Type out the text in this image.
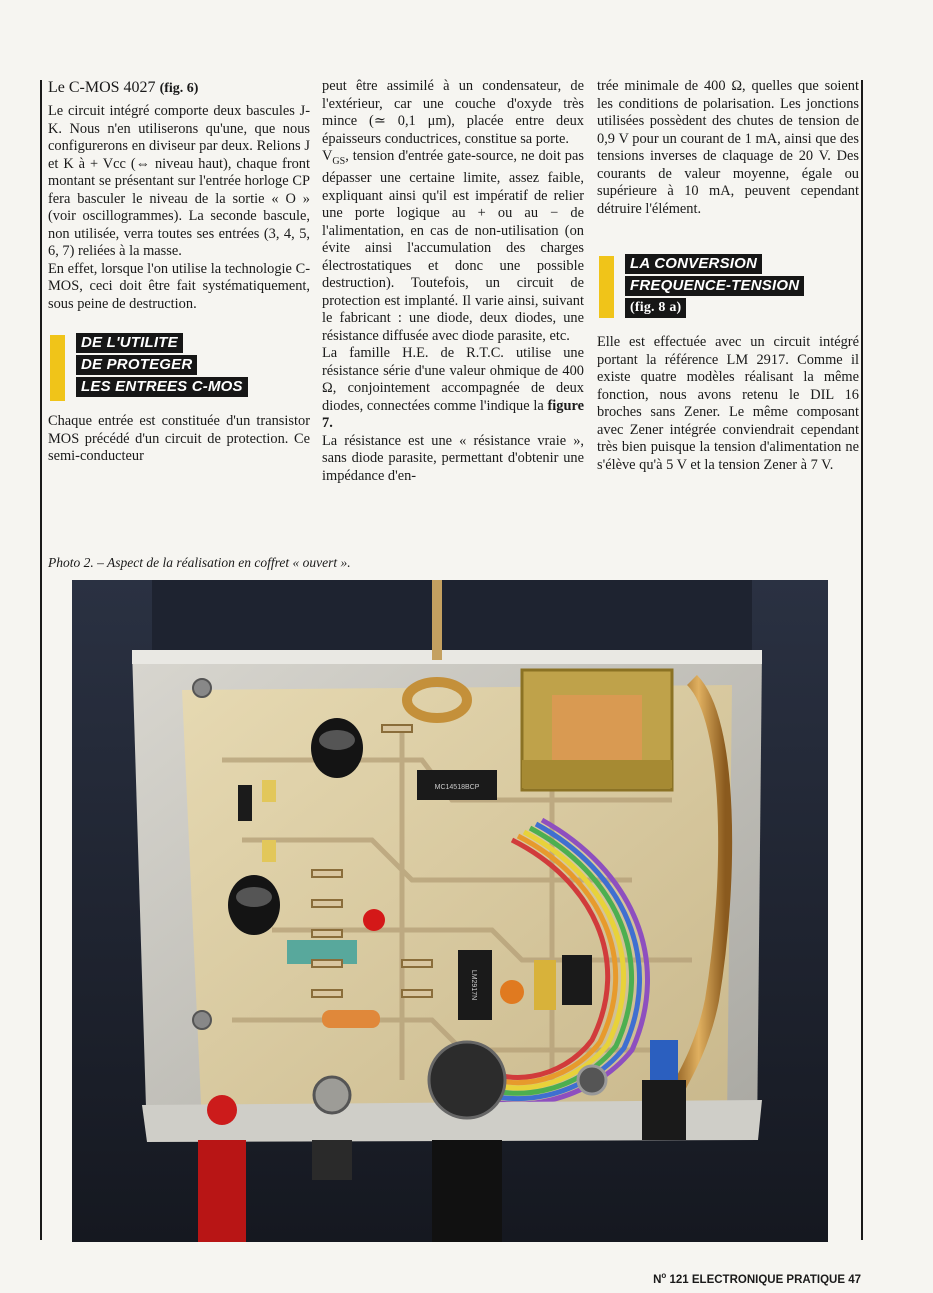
Le C-MOS 4027 (fig. 6)

Le circuit intégré comporte deux bascules J-K. Nous n'en utiliserons qu'une, que nous configurerons en diviseur par deux. Relions J et K à + Vcc (⇔ niveau haut), chaque front montant se présentant sur l'entrée horloge CP fera basculer le niveau de la sortie « O » (voir oscillogrammes). La seconde bascule, non utilisée, verra toutes ses entrées (3, 4, 5, 6, 7) reliées à la masse.

En effet, lorsque l'on utilise la technologie C-MOS, ceci doit être fait systématiquement, sous peine de destruction.

DE L'UTILITE
DE PROTEGER
LES ENTREES C-MOS

Chaque entrée est constituée d'un transistor MOS précédé d'un circuit de protection. Ce semi-conducteur

peut être assimilé à un condensateur, de l'extérieur, car une couche d'oxyde très mince (≃ 0,1 μm), placée entre deux épaisseurs conductrices, constitue sa porte.

$V_{GS}$, tension d'entrée gate-source, ne doit pas dépasser une certaine limite, assez faible, expliquant ainsi qu'il est impératif de relier une porte logique au + ou au − de l'alimentation, en cas de non-utilisation (on évite ainsi l'accumulation des charges électrostatiques et donc une possible destruction). Toutefois, un circuit de protection est implanté. Il varie ainsi, suivant le fabricant : une diode, deux diodes, une résistance diffusée avec diode parasite, etc.

La famille H.E. de R.T.C. utilise une résistance série d'une valeur ohmique de 400 Ω, conjointement accompagnée de deux diodes, connectées comme l'indique la figure 7.

La résistance est une « résistance vraie », sans diode parasite, permettant d'obtenir une impédance d'en-

trée minimale de 400 Ω, quelles que soient les conditions de polarisation. Les jonctions utilisées possèdent des chutes de tension de 0,9 V pour un courant de 1 mA, ainsi que des tensions inverses de claquage de 20 V. Des courants de valeur moyenne, égale ou supérieure à 10 mA, peuvent cependant détruire l'élément.

LA CONVERSION
FREQUENCE-TENSION
(fig. 8 a)

Elle est effectuée avec un circuit intégré portant la référence LM 2917. Comme il existe quatre modèles réalisant la même fonction, nous avons retenu le DIL 16 broches sans Zener. Le même composant avec Zener intégrée conviendrait cependant très bien puisque la tension d'alimentation ne s'élève qu'à 5 V et la tension Zener à 7 V.

Photo 2. – Aspect de la réalisation en coffret « ouvert ».
MC14518BCP
LM2917N
$N^o$ 121 ELECTRONIQUE PRATIQUE 47
